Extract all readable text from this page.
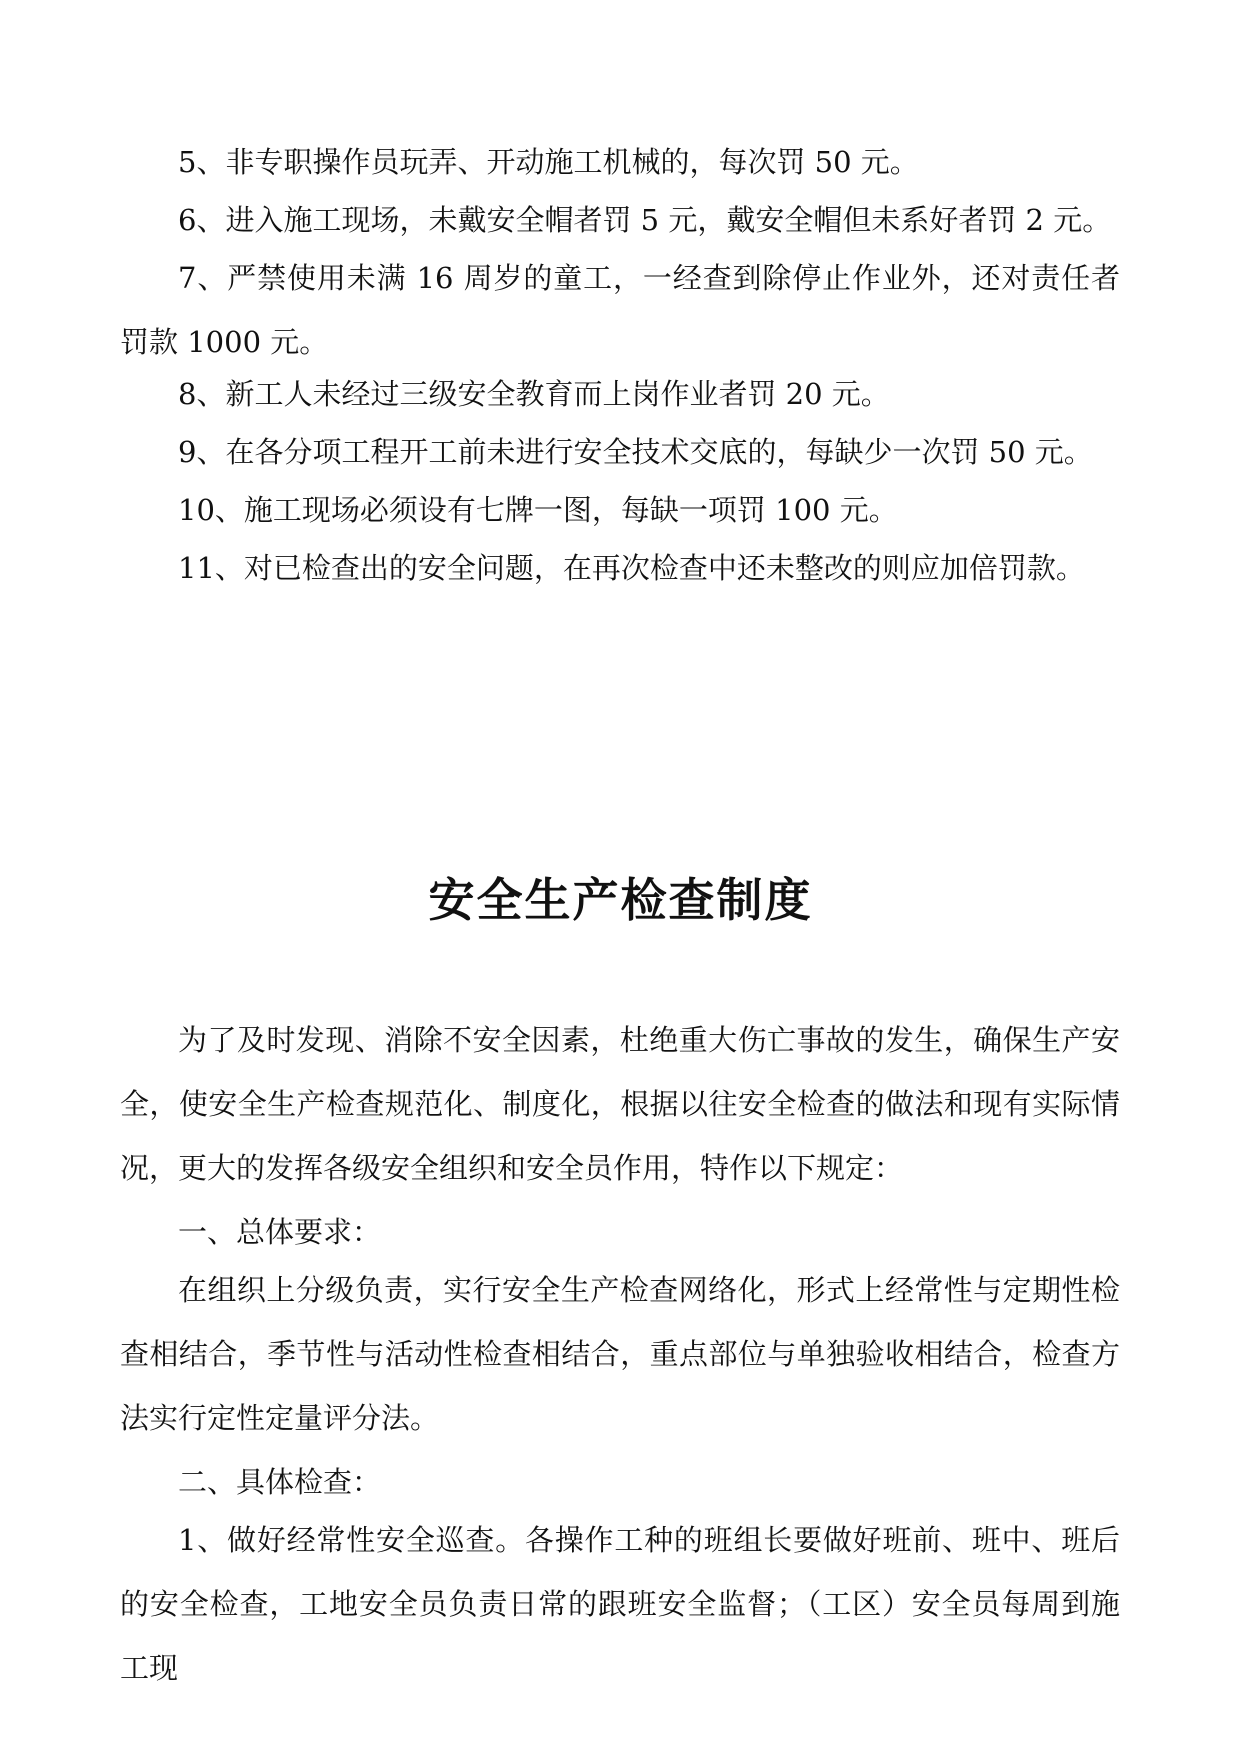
5、非专职操作员玩弄、开动施工机械的，每次罚 50 元。

6、进入施工现场，未戴安全帽者罚 5 元，戴安全帽但未系好者罚 2 元。

7、严禁使用未满 16 周岁的童工，一经查到除停止作业外，还对责任者罚款 1000 元。

8、新工人未经过三级安全教育而上岗作业者罚 20 元。

9、在各分项工程开工前未进行安全技术交底的，每缺少一次罚 50 元。

10、施工现场必须设有七牌一图，每缺一项罚 100 元。

11、对已检查出的安全问题，在再次检查中还未整改的则应加倍罚款。

安全生产检查制度

为了及时发现、消除不安全因素，杜绝重大伤亡事故的发生，确保生产安全，使安全生产检查规范化、制度化，根据以往安全检查的做法和现有实际情况，更大的发挥各级安全组织和安全员作用，特作以下规定：

一、总体要求：

在组织上分级负责，实行安全生产检查网络化，形式上经常性与定期性检查相结合，季节性与活动性检查相结合，重点部位与单独验收相结合，检查方法实行定性定量评分法。

二、具体检查：

1、做好经常性安全巡查。各操作工种的班组长要做好班前、班中、班后的安全检查，工地安全员负责日常的跟班安全监督；（工区）安全员每周到施工现
